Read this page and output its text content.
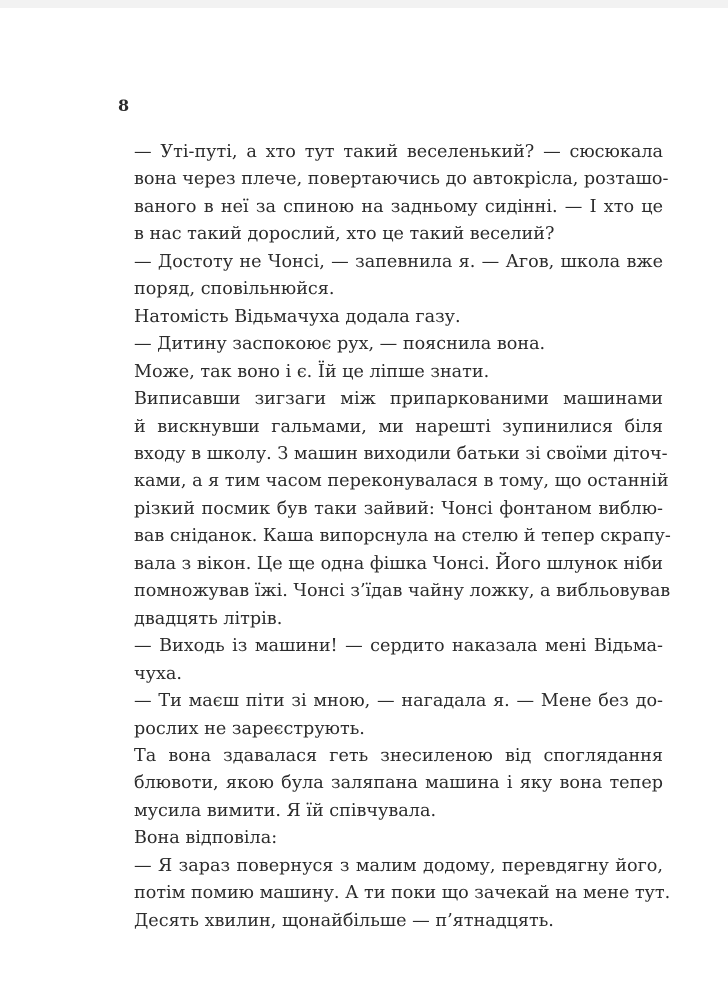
8

— Уті-путі, а хто тут такий веселенький? — сюсюкала
вона через плече, повертаючись до автокрісла, розташо-
ваного в неї за спиною на задньому сидінні. — І хто це
в нас такий дорослий, хто це такий веселий?

— Достоту не Чонсі, — запевнила я. — Агов, школа вже
поряд, сповільнюйся.

Натомість Відьмачуха додала газу.

— Дитину заспокоює рух, — пояснила вона.

Може, так воно і є. Їй це ліпше знати.

Виписавши зигзаги між припаркованими машинами
й вискнувши гальмами, ми нарешті зупинилися біля
входу в школу. З машин виходили батьки зі своїми діточ-
ками, а я тим часом переконувалася в тому, що останній
різкий посмик був таки зайвий: Чонсі фонтаном виблю-
вав сніданок. Каша випорснула на стелю й тепер скрапу-
вала з вікон. Це ще одна фішка Чонсі. Його шлунок ніби
помножував їжі. Чонсі з’їдав чайну ложку, а вибльовував
двадцять літрів.

— Виходь із машини! — сердито наказала мені Відьма-
чуха.

— Ти маєш піти зі мною, — нагадала я. — Мене без до-
рослих не зареєструють.

Та вона здавалася геть знесиленою від споглядання
блювоти, якою була заляпана машина і яку вона тепер
мусила вимити. Я їй співчувала.

Вона відповіла:

— Я зараз повернуся з малим додому, перевдягну його,
потім помию машину. А ти поки що зачекай на мене тут.
Десять хвилин, щонайбільше — п’ятнадцять.
